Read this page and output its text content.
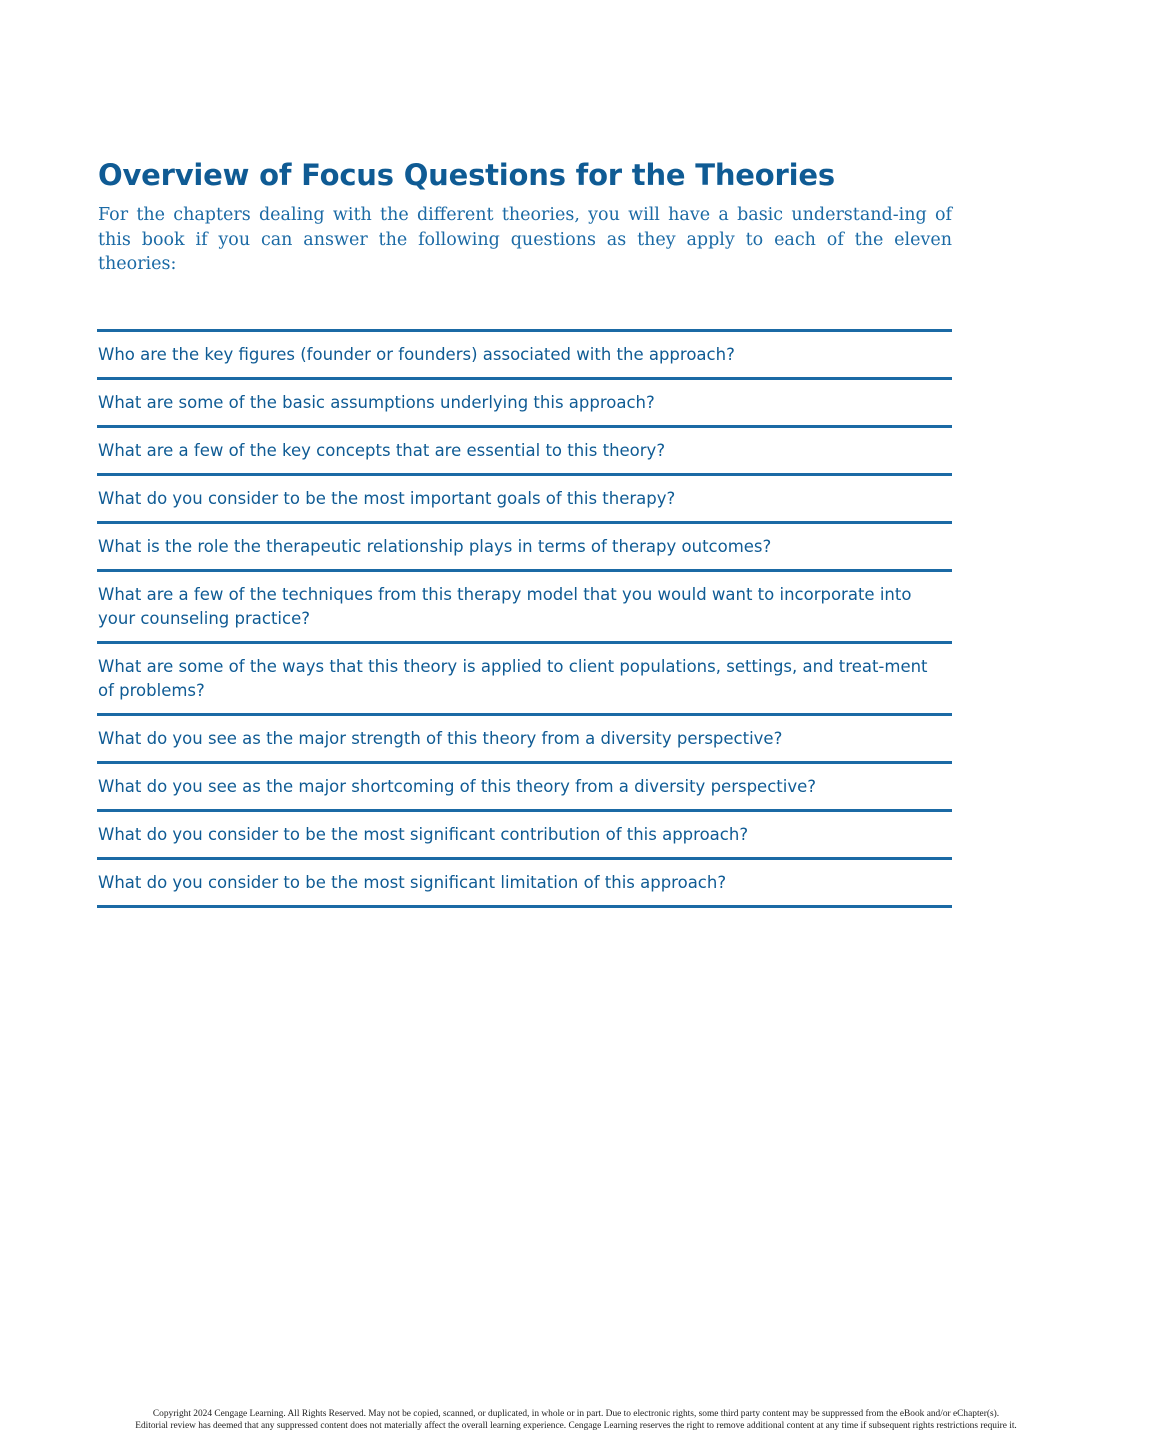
Overview of Focus Questions for the Theories

For the chapters dealing with the different theories, you will have a basic understand-ing of this book if you can answer the following questions as they apply to each of the eleven theories:

Who are the key figures (founder or founders) associated with the approach?
What are some of the basic assumptions underlying this approach?
What are a few of the key concepts that are essential to this theory?
What do you consider to be the most important goals of this therapy?
What is the role the therapeutic relationship plays in terms of therapy outcomes?
What are a few of the techniques from this therapy model that you would want to incorporate into your counseling practice?
What are some of the ways that this theory is applied to client populations, settings, and treat-ment of problems?
What do you see as the major strength of this theory from a diversity perspective?
What do you see as the major shortcoming of this theory from a diversity perspective?
What do you consider to be the most significant contribution of this approach?
What do you consider to be the most significant limitation of this approach?
Copyright 2024 Cengage Learning. All Rights Reserved. May not be copied, scanned, or duplicated, in whole or in part. Due to electronic rights, some third party content may be suppressed from the eBook and/or eChapter(s).
Editorial review has deemed that any suppressed content does not materially affect the overall learning experience. Cengage Learning reserves the right to remove additional content at any time if subsequent rights restrictions require it.
